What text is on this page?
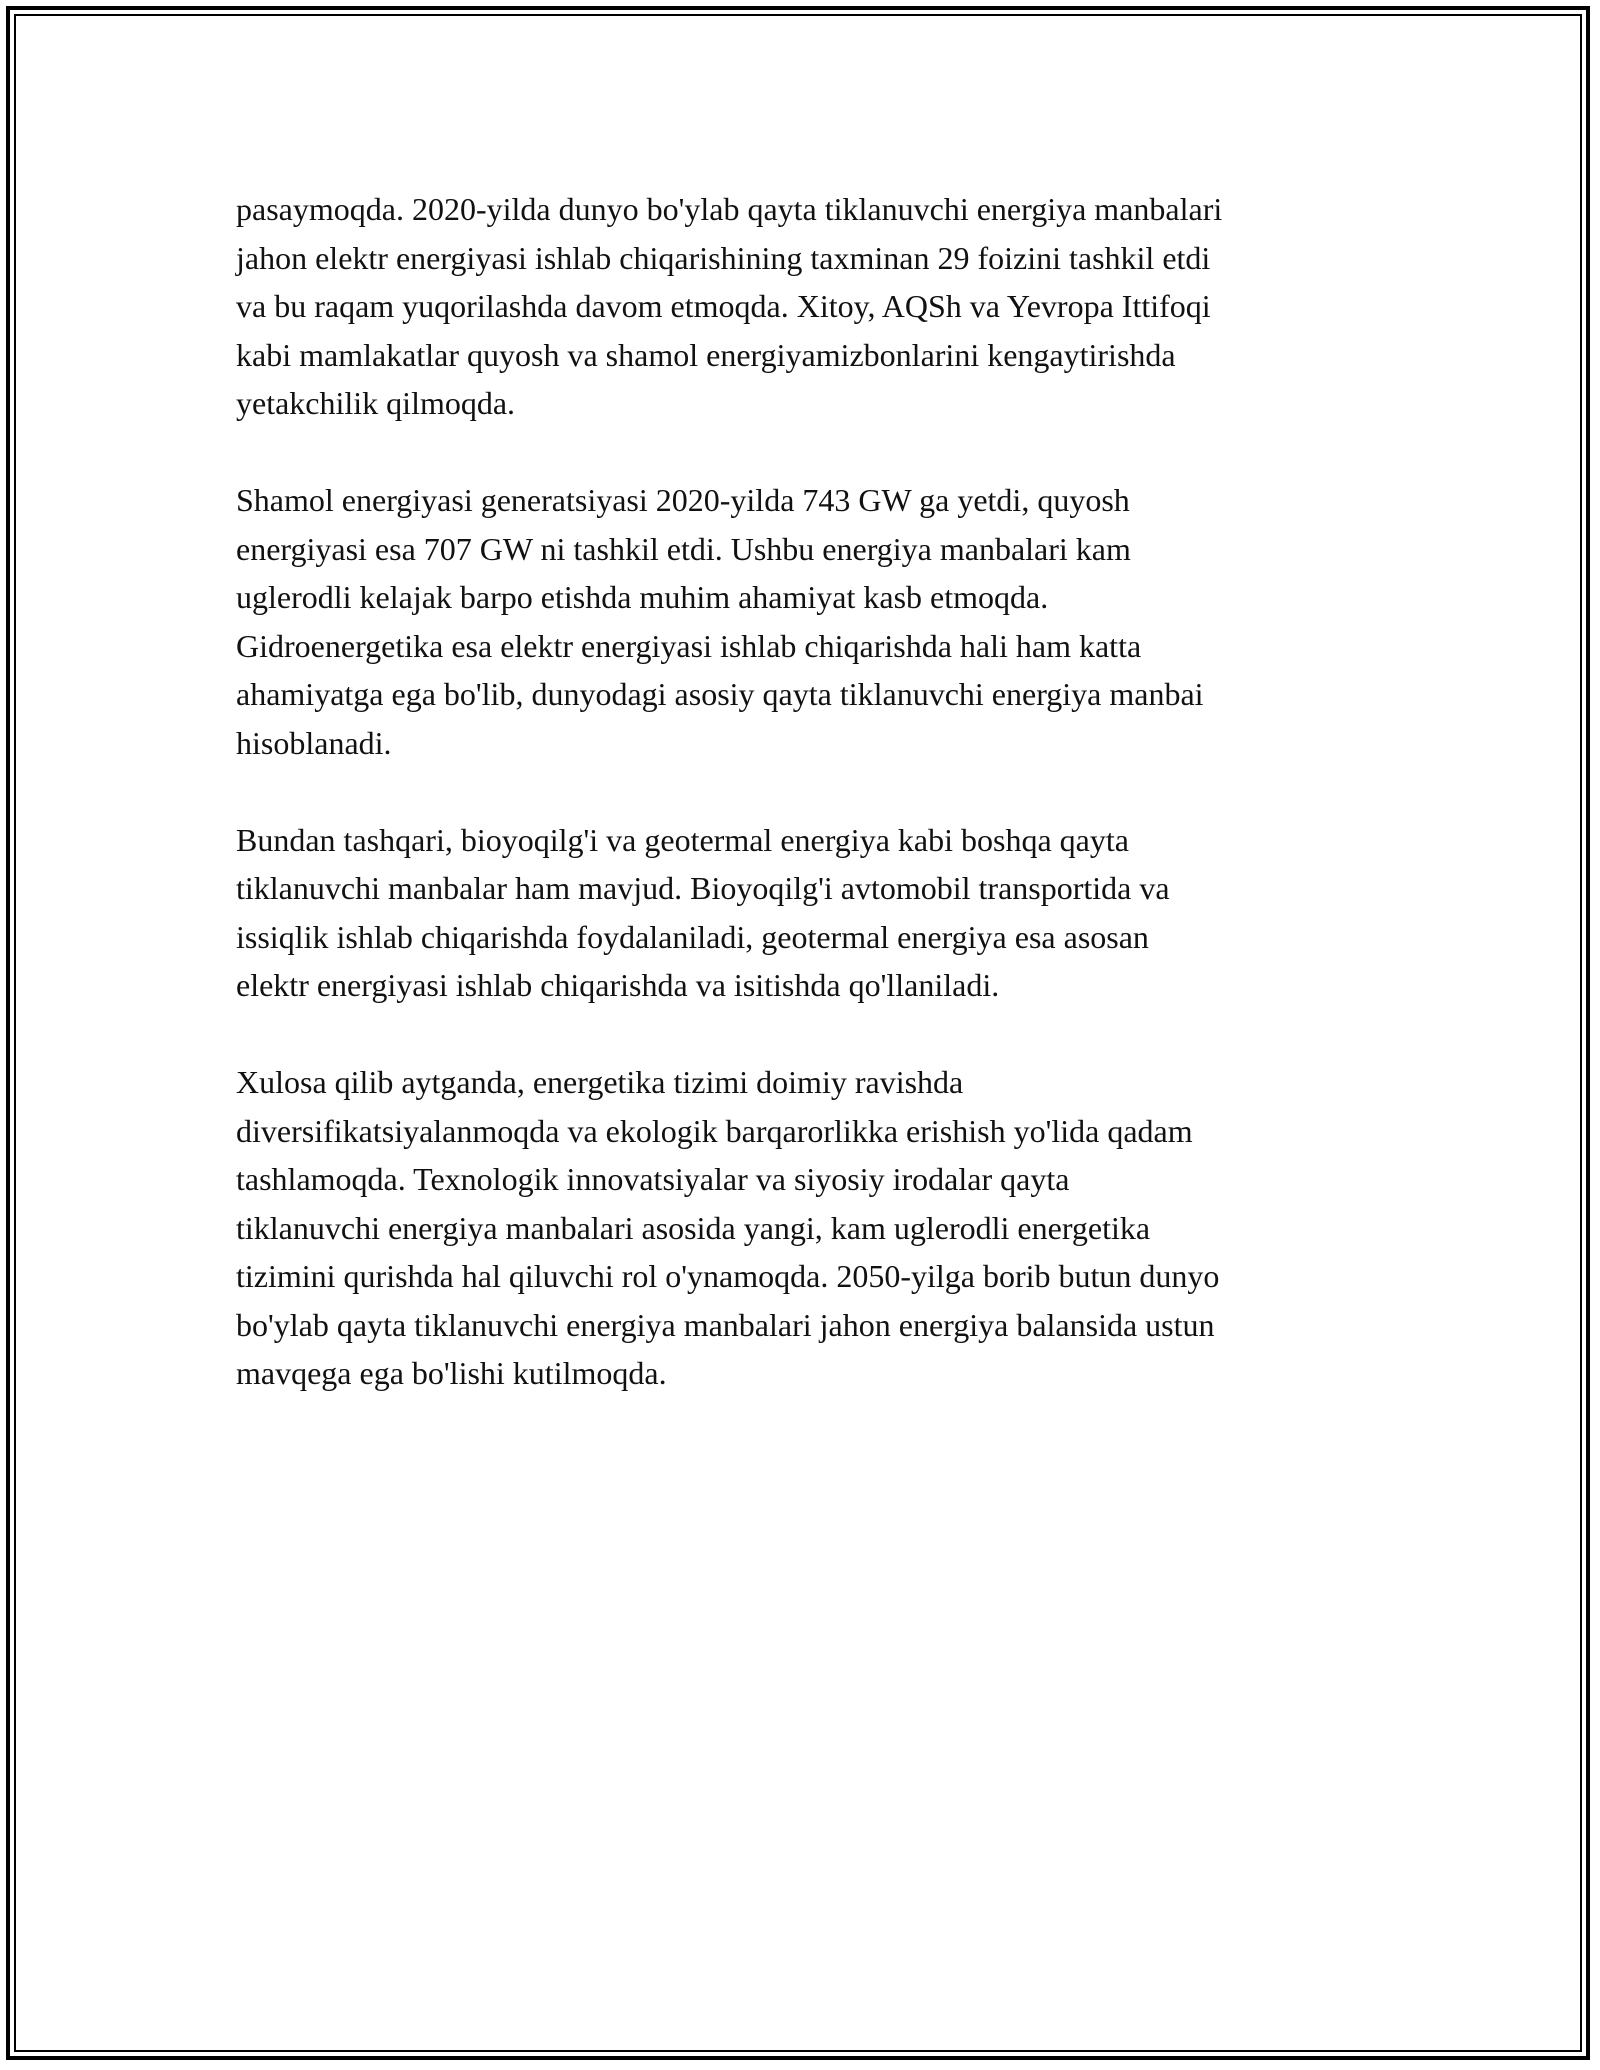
pasaymoqda. 2020-yilda dunyo bo'ylab qayta tiklanuvchi energiya manbalari
jahon elektr energiyasi ishlab chiqarishining taxminan 29 foizini tashkil etdi
va bu raqam yuqorilashda davom etmoqda. Xitoy, AQSh va Yevropa Ittifoqi
kabi mamlakatlar quyosh va shamol energiyamizbonlarini kengaytirishda
yetakchilik qilmoqda.

Shamol energiyasi generatsiyasi 2020-yilda 743 GW ga yetdi, quyosh
energiyasi esa 707 GW ni tashkil etdi. Ushbu energiya manbalari kam
uglerodli kelajak barpo etishda muhim ahamiyat kasb etmoqda.
Gidroenergetika esa elektr energiyasi ishlab chiqarishda hali ham katta
ahamiyatga ega bo'lib, dunyodagi asosiy qayta tiklanuvchi energiya manbai
hisoblanadi.

Bundan tashqari, bioyoqilg'i va geotermal energiya kabi boshqa qayta
tiklanuvchi manbalar ham mavjud. Bioyoqilg'i avtomobil transportida va
issiqlik ishlab chiqarishda foydalaniladi, geotermal energiya esa asosan
elektr energiyasi ishlab chiqarishda va isitishda qo'llaniladi.

Xulosa qilib aytganda, energetika tizimi doimiy ravishda
diversifikatsiyalanmoqda va ekologik barqarorlikka erishish yo'lida qadam
tashlamoqda. Texnologik innovatsiyalar va siyosiy irodalar qayta
tiklanuvchi energiya manbalari asosida yangi, kam uglerodli energetika
tizimini qurishda hal qiluvchi rol o'ynamoqda. 2050-yilga borib butun dunyo
bo'ylab qayta tiklanuvchi energiya manbalari jahon energiya balansida ustun
mavqega ega bo'lishi kutilmoqda.
